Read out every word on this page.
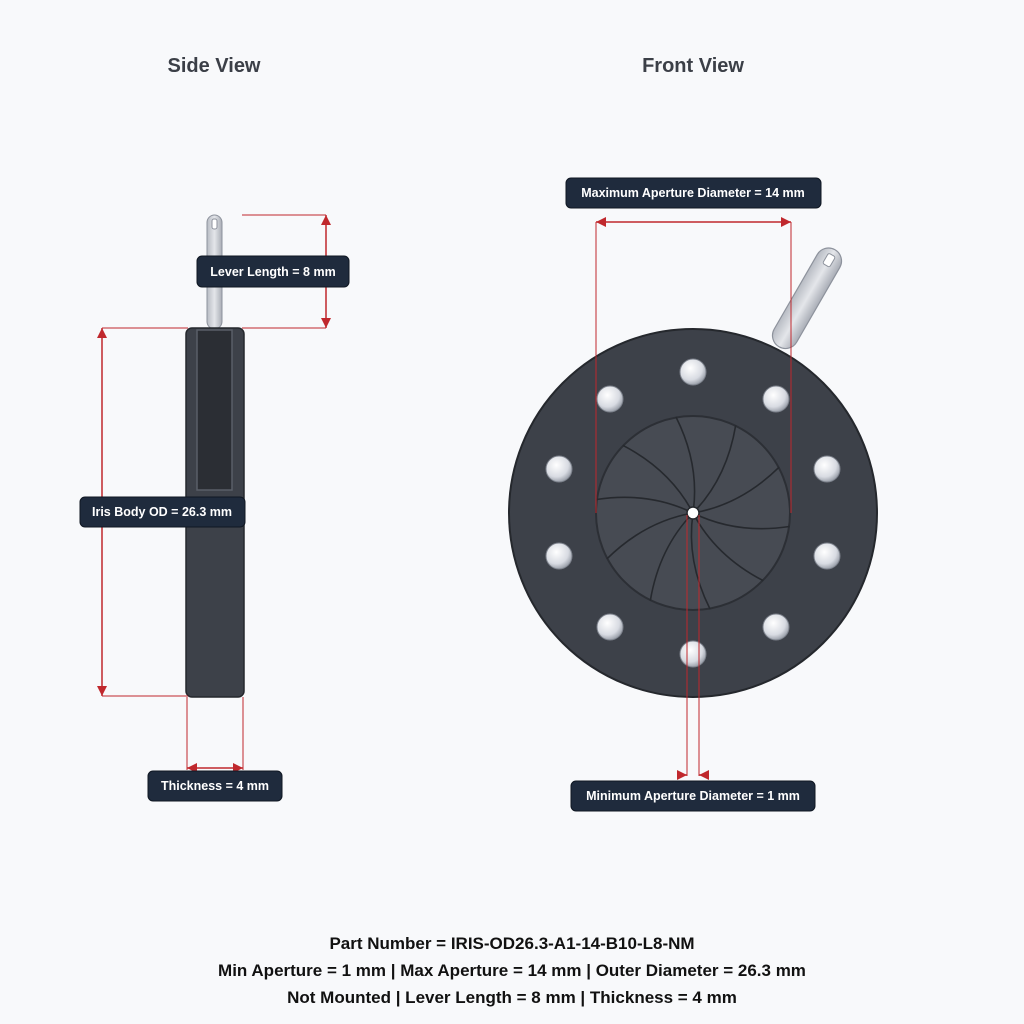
Side View	Front View
Lever Length = 8 mm
Iris Body OD = 26.3 mm
Thickness = 4 mm
Maximum Aperture Diameter = 14 mm
Minimum Aperture Diameter = 1 mm
Part Number = IRIS-OD26.3-A1-14-B10-L8-NM
Min Aperture = 1 mm | Max Aperture = 14 mm | Outer Diameter = 26.3 mm
Not Mounted | Lever Length = 8 mm | Thickness = 4 mm
